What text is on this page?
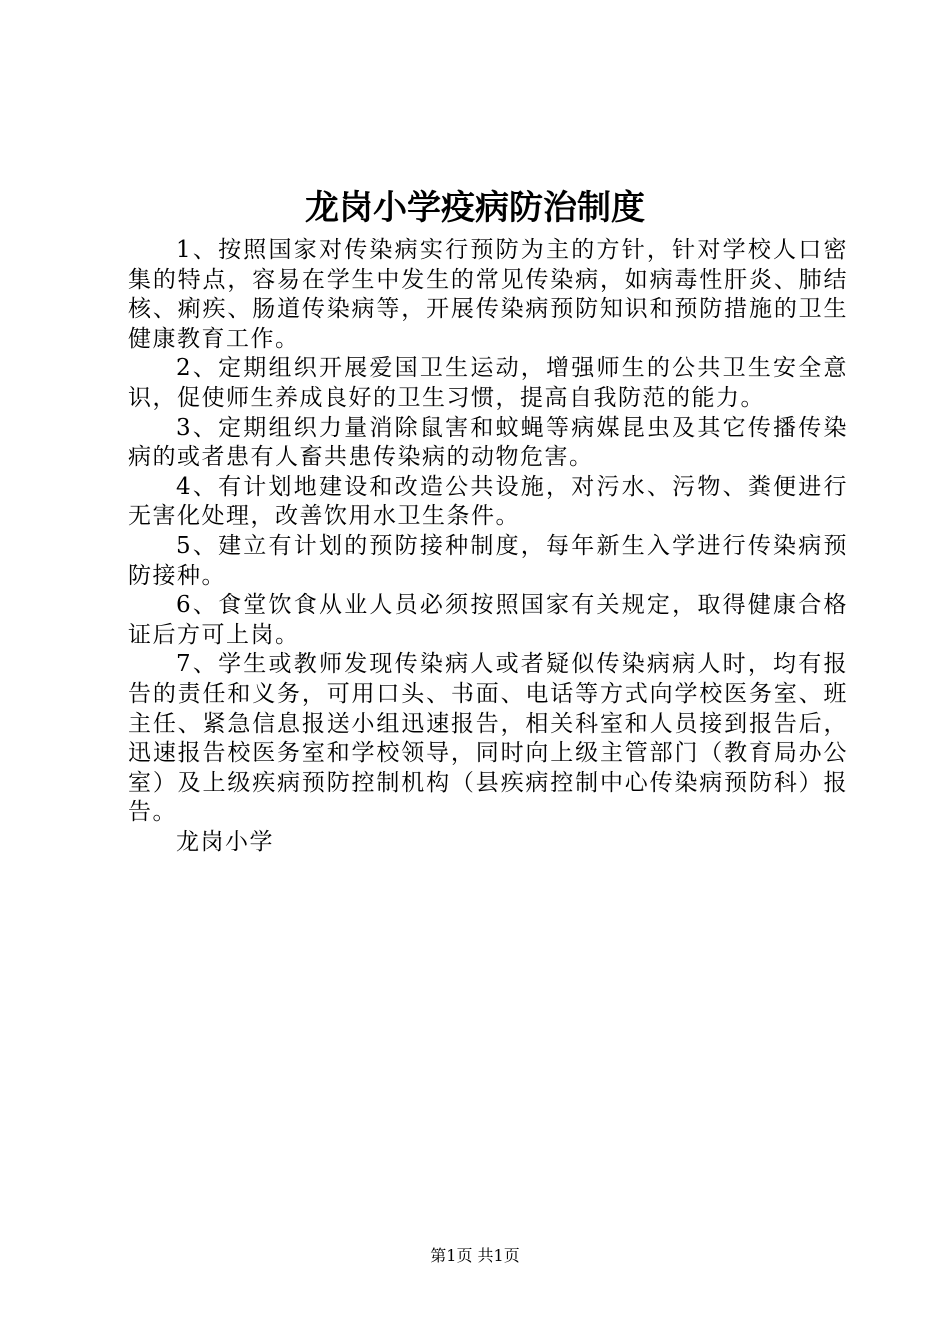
龙岗小学疫病防治制度

1、按照国家对传染病实行预防为主的方针，针对学校人口密集的特点，容易在学生中发生的常见传染病，如病毒性肝炎、肺结核、痢疾、肠道传染病等，开展传染病预防知识和预防措施的卫生健康教育工作。

2、定期组织开展爱国卫生运动，增强师生的公共卫生安全意识，促使师生养成良好的卫生习惯，提高自我防范的能力。

3、定期组织力量消除鼠害和蚊蝇等病媒昆虫及其它传播传染病的或者患有人畜共患传染病的动物危害。

4、有计划地建设和改造公共设施，对污水、污物、粪便进行无害化处理，改善饮用水卫生条件。

5、建立有计划的预防接种制度，每年新生入学进行传染病预防接种。

6、食堂饮食从业人员必须按照国家有关规定，取得健康合格证后方可上岗。

7、学生或教师发现传染病人或者疑似传染病病人时，均有报告的责任和义务，可用口头、书面、电话等方式向学校医务室、班主任、紧急信息报送小组迅速报告，相关科室和人员接到报告后，迅速报告校医务室和学校领导，同时向上级主管部门（教育局办公室）及上级疾病预防控制机构（县疾病控制中心传染病预防科）报告。

龙岗小学

第1页 共1页
